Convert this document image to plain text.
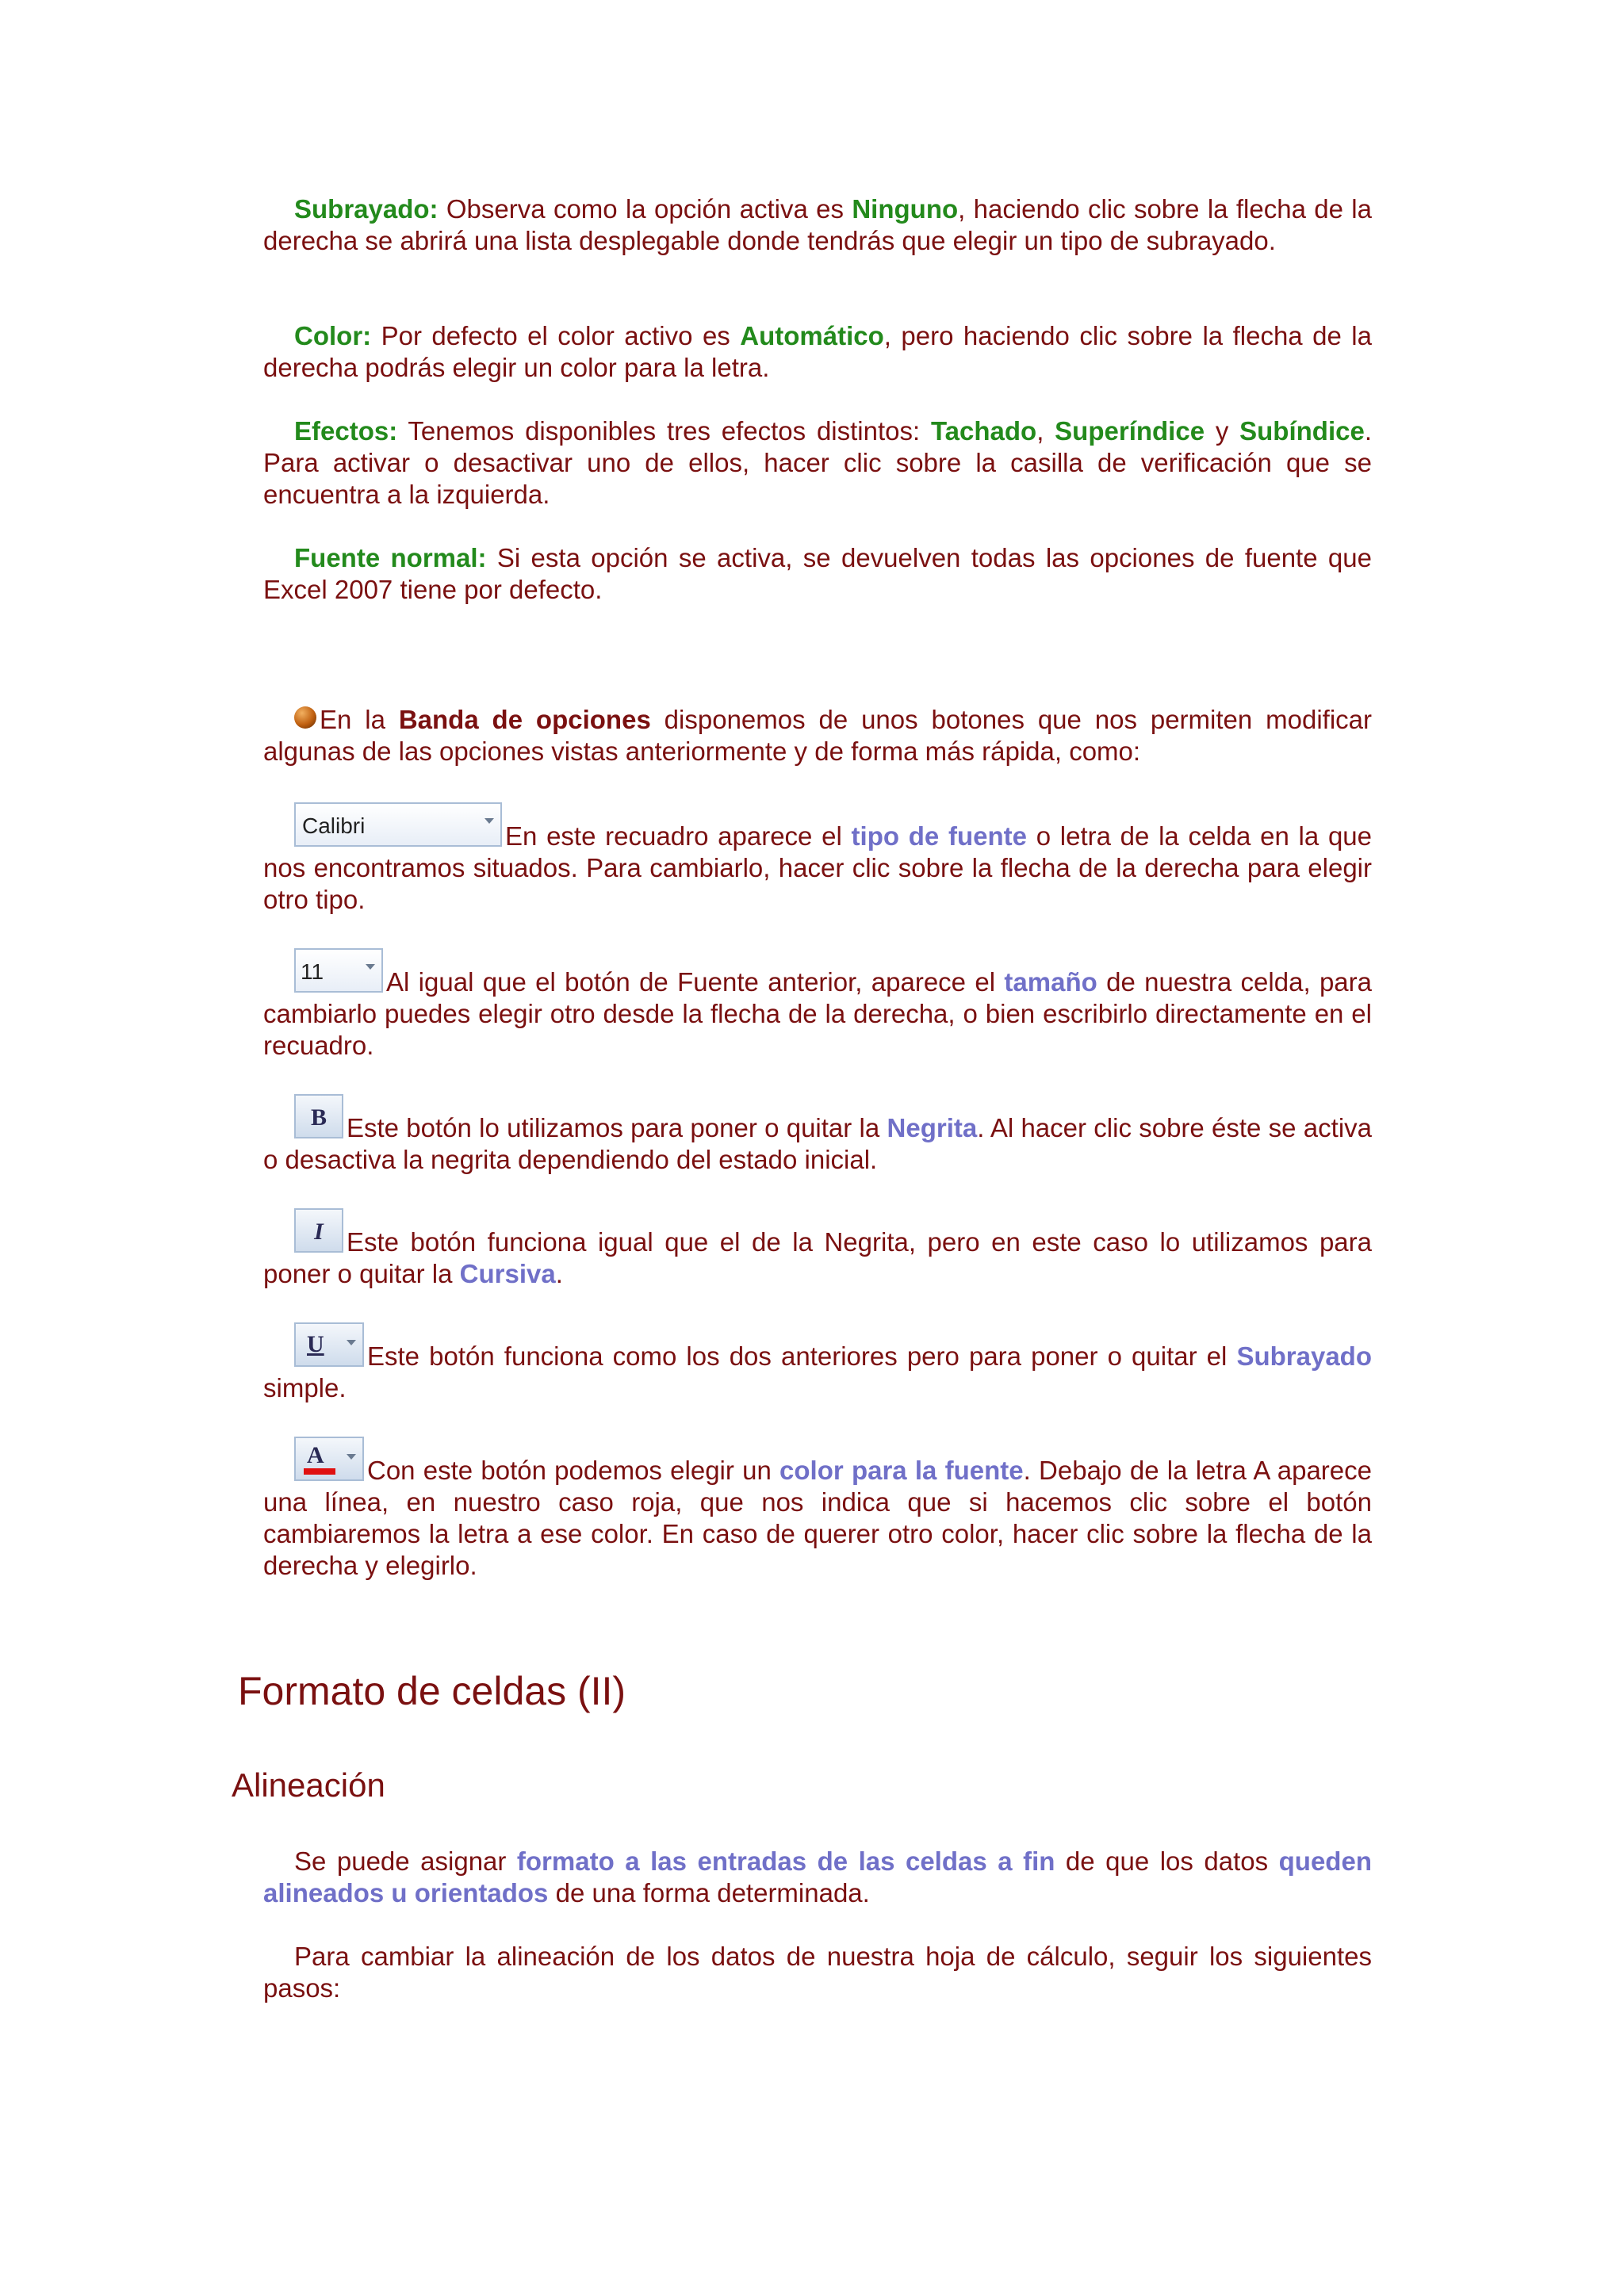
Subrayado: Observa como la opción activa es Ninguno, haciendo clic sobre la flecha de la derecha se abrirá una lista desplegable donde tendrás que elegir un tipo de subrayado.

Color: Por defecto el color activo es Automático, pero haciendo clic sobre la flecha de la derecha podrás elegir un color para la letra.

Efectos: Tenemos disponibles tres efectos distintos: Tachado, Superíndice y Subíndice. Para activar o desactivar uno de ellos, hacer clic sobre la casilla de verificación que se encuentra a la izquierda.

Fuente normal: Si esta opción se activa, se devuelven todas las opciones de fuente que Excel 2007 tiene por defecto.

En la Banda de opciones disponemos de unos botones que nos permiten modificar algunas de las opciones vistas anteriormente y de forma más rápida, como:

Calibri	En este recuadro aparece el tipo de fuente o letra de la celda en la que nos encontramos situados. Para cambiarlo, hacer clic sobre la flecha de la derecha para elegir otro tipo.

11 Al igual que el botón de Fuente anterior, aparece el tamaño de nuestra celda, para cambiarlo puedes elegir otro desde la flecha de la derecha, o bien escribirlo directamente en el recuadro.

B Este botón lo utilizamos para poner o quitar la Negrita. Al hacer clic sobre éste se activa o desactiva la negrita dependiendo del estado inicial.

I Este botón funciona igual que el de la Negrita, pero en este caso lo utilizamos para poner o quitar la Cursiva.

U Este botón funciona como los dos anteriores pero para poner o quitar el Subrayado simple.

A
Con este botón podemos elegir un color para la fuente. Debajo de la letra A aparece una línea, en nuestro caso roja, que nos indica que si hacemos clic sobre el botón cambiaremos la letra a ese color. En caso de querer otro color, hacer clic sobre la flecha de la derecha y elegirlo.

Formato de celdas (II)
Alineación

Se puede asignar formato a las entradas de las celdas a fin de que los datos queden alineados u orientados de una forma determinada.

Para cambiar la alineación de los datos de nuestra hoja de cálculo, seguir los siguientes pasos:
